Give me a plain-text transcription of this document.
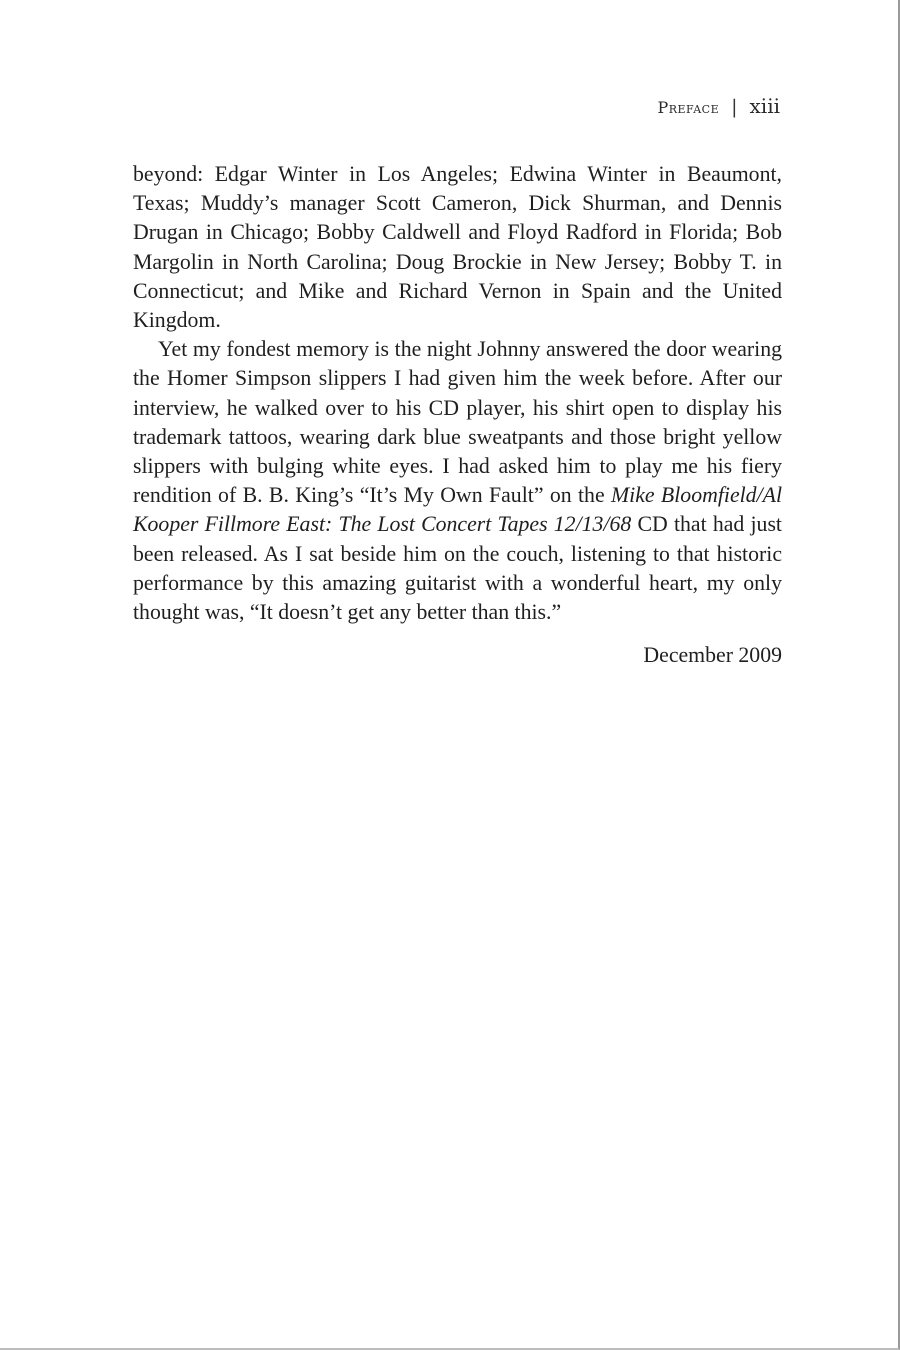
Preface | xiii

beyond: Edgar Winter in Los Angeles; Edwina Winter in Beaumont, Texas; Muddy’s manager Scott Cameron, Dick Shurman, and Dennis Drugan in Chicago; Bobby Caldwell and Floyd Radford in Florida; Bob Margolin in North Carolina; Doug Brockie in New Jersey; Bobby T. in Connecticut; and Mike and Richard Vernon in Spain and the United Kingdom.

Yet my fondest memory is the night Johnny answered the door wearing the Homer Simpson slippers I had given him the week before. After our interview, he walked over to his CD player, his shirt open to display his trademark tattoos, wearing dark blue sweatpants and those bright yellow slippers with bulging white eyes. I had asked him to play me his fiery rendition of B. B. King’s “It’s My Own Fault” on the Mike Bloomfield/Al Kooper Fillmore East: The Lost Concert Tapes 12/13/68 CD that had just been released. As I sat beside him on the couch, listening to that historic performance by this amazing guitarist with a wonderful heart, my only thought was, “It doesn’t get any better than this.”

December 2009
